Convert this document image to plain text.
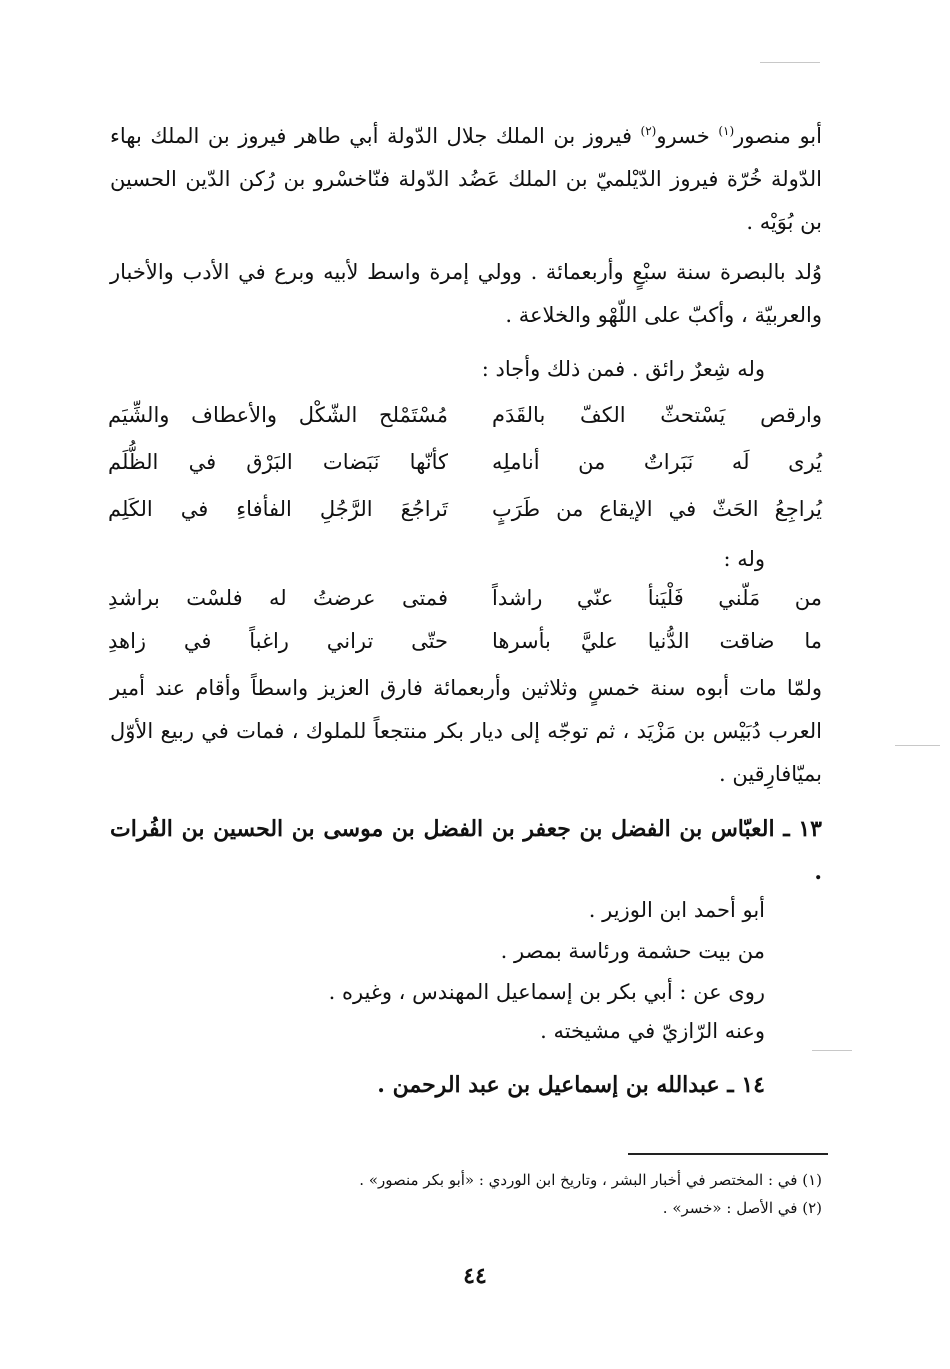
أبو منصور$^{(١)}$ خسرو$^{(٢)}$ فيروز بن الملك جلال الدّولة أبي طاهر فيروز بن الملك بهاء الدّولة خُرّة فيروز الدّيْلميّ بن الملك عَضُد الدّولة فنّاخسْرو بن رُكن الدّين الحسين بن بُوَيْه .
وُلد بالبصرة سنة سبْعٍ وأربعمائة . وولي إمرة واسط لأبيه وبرع في الأدب والأخبار والعربيّة ، وأكبّ على اللّهْو والخلاعة .
وله شِعرٌ رائق . فمن ذلك وأجاد :
وارقص يَسْتحثّ الكفّ بالقَدَم
مُسْتَمْلح الشّكْل والأعطاف والشِّيَم
يُرى لَه نَبَراتٌ من أناملِه
كأنّها نَبَضات البَرْق في الظُّلَم
يُراجِعُ الحَثّ في الإيقاع من طَرَبٍ
تَراجُعَ الرَّجُلِ الفأفاءِ في الكَلِم
وله :
من مَلّني فَلْيَنأ عنّي راشداً
فمتى عرضتُ له فلسْت براشدِ
ما ضاقت الدُّنيا عليَّ بأسرها
حتّى تراني راغباً في زاهدِ
ولمّا مات أبوه سنة خمسٍ وثلاثين وأربعمائة فارق العزيز واسطاً وأقام عند أمير العرب دُبَيْس بن مَزْيَد ، ثم توجّه إلى ديار بكر منتجعاً للملوك ، فمات في ربيع الأوّل بميّافارِقين .
١٣ ـ العبّاس بن الفضل بن جعفر بن الفضل بن موسى بن الحسين بن الفُرات .
أبو أحمد ابن الوزير .
من بيت حشمة ورئاسة بمصر .
روى عن : أبي بكر بن إسماعيل المهندس ، وغيره .
وعنه الرّازيّ في مشيخته .
١٤ ـ عبدالله بن إسماعيل بن عبد الرحمن .
(١) في : المختصر في أخبار البشر ، وتاريخ ابن الوردي : «أبو بكر منصور» .
(٢) في الأصل : «خسر» .
٤٤
